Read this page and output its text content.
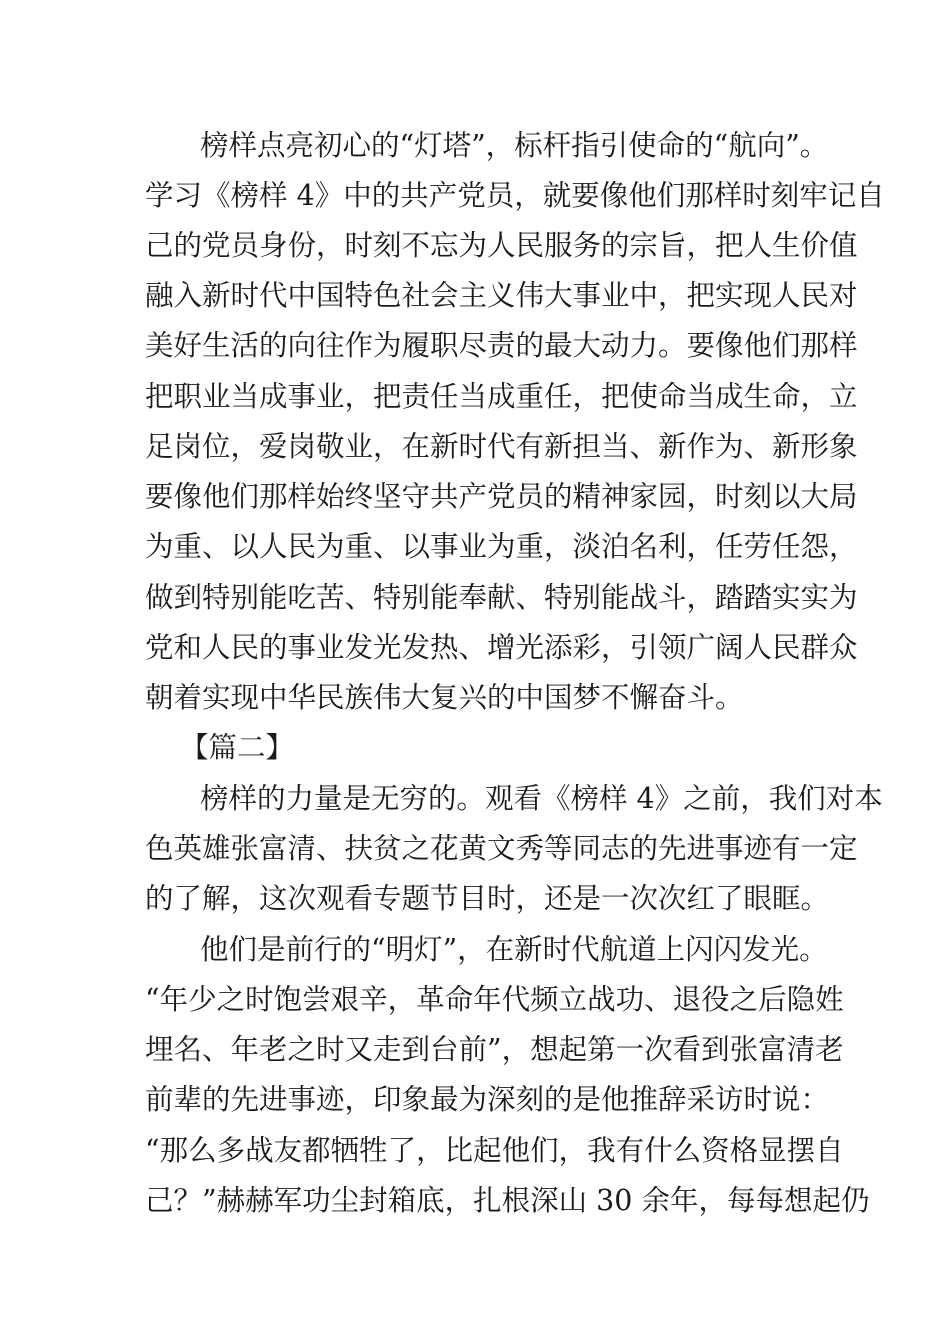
榜样点亮初心的“灯塔”，标杆指引使命的“航向”。
学习《榜样 4》中的共产党员，就要像他们那样时刻牢记自
己的党员身份，时刻不忘为人民服务的宗旨，把人生价值
融入新时代中国特色社会主义伟大事业中，把实现人民对
美好生活的向往作为履职尽责的最大动力。要像他们那样
把职业当成事业，把责任当成重任，把使命当成生命，立
足岗位，爱岗敬业，在新时代有新担当、新作为、新形象
要像他们那样始终坚守共产党员的精神家园，时刻以大局
为重、以人民为重、以事业为重，淡泊名利，任劳任怨，
做到特别能吃苦、特别能奉献、特别能战斗，踏踏实实为
党和人民的事业发光发热、增光添彩，引领广阔人民群众
朝着实现中华民族伟大复兴的中国梦不懈奋斗。
【篇二】
榜样的力量是无穷的。观看《榜样 4》之前，我们对本
色英雄张富清、扶贫之花黄文秀等同志的先进事迹有一定
的了解，这次观看专题节目时，还是一次次红了眼眶。
他们是前行的“明灯”，在新时代航道上闪闪发光。
“年少之时饱尝艰辛，革命年代频立战功、退役之后隐姓
埋名、年老之时又走到台前”，想起第一次看到张富清老
前辈的先进事迹，印象最为深刻的是他推辞采访时说：
“那么多战友都牺牲了，比起他们，我有什么资格显摆自
己？”赫赫军功尘封箱底，扎根深山 30 余年，每每想起仍
